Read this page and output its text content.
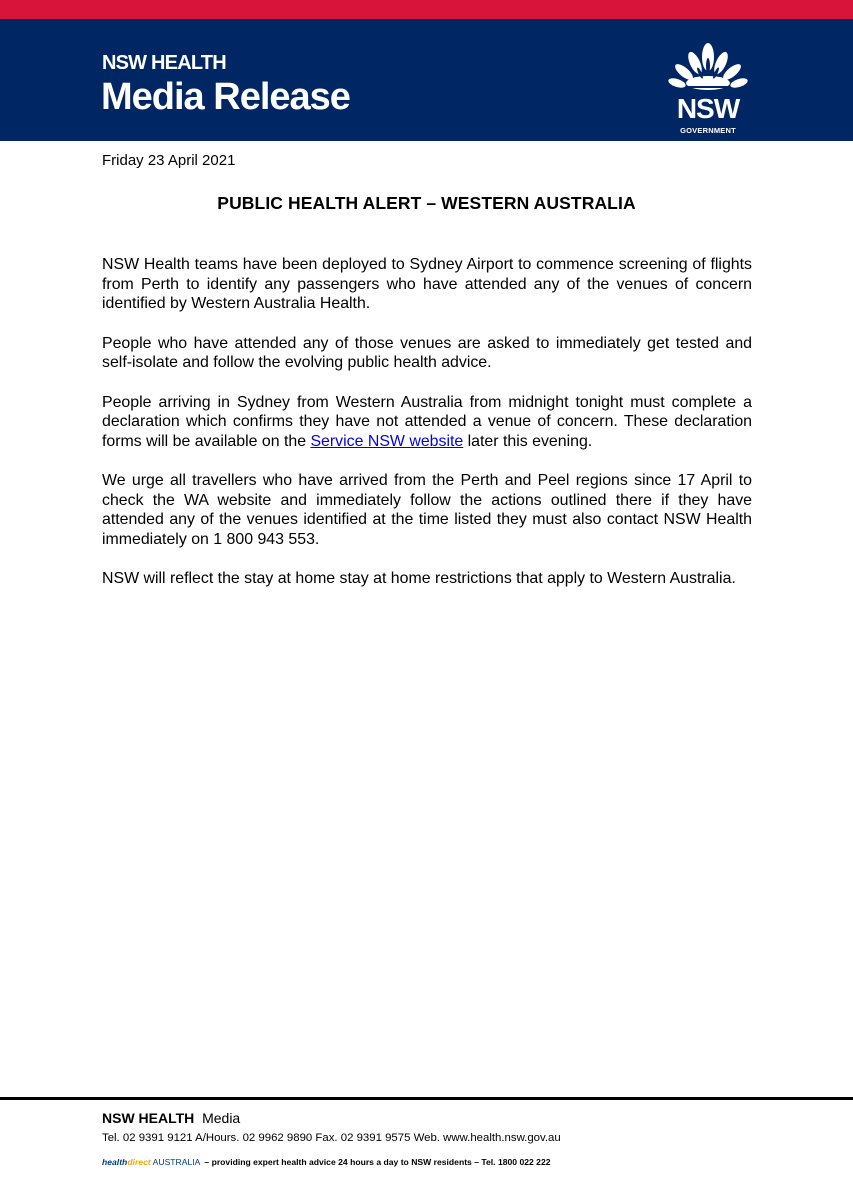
NSW HEALTH
Media Release	NSW
GOVERNMENT
Friday 23 April 2021
PUBLIC HEALTH ALERT – WESTERN AUSTRALIA

NSW Health teams have been deployed to Sydney Airport to commence screening of flights from Perth to identify any passengers who have attended any of the venues of concern identified by Western Australia Health.

People who have attended any of those venues are asked to immediately get tested and self-isolate and follow the evolving public health advice.

People arriving in Sydney from Western Australia from midnight tonight must complete a declaration which confirms they have not attended a venue of concern. These declaration forms will be available on the Service NSW website later this evening.

We urge all travellers who have arrived from the Perth and Peel regions since 17 April to check the WA website and immediately follow the actions outlined there if they have attended any of the venues identified at the time listed they must also contact NSW Health immediately on 1 800 943 553.

NSW will reflect the stay at home stay at home restrictions that apply to Western Australia.

NSW HEALTH Media
Tel. 02 9391 9121 A/Hours. 02 9962 9890 Fax. 02 9391 9575 Web. www.health.nsw.gov.au
healthdirect AUSTRALIA – providing expert health advice 24 hours a day to NSW residents – Tel. 1800 022 222
